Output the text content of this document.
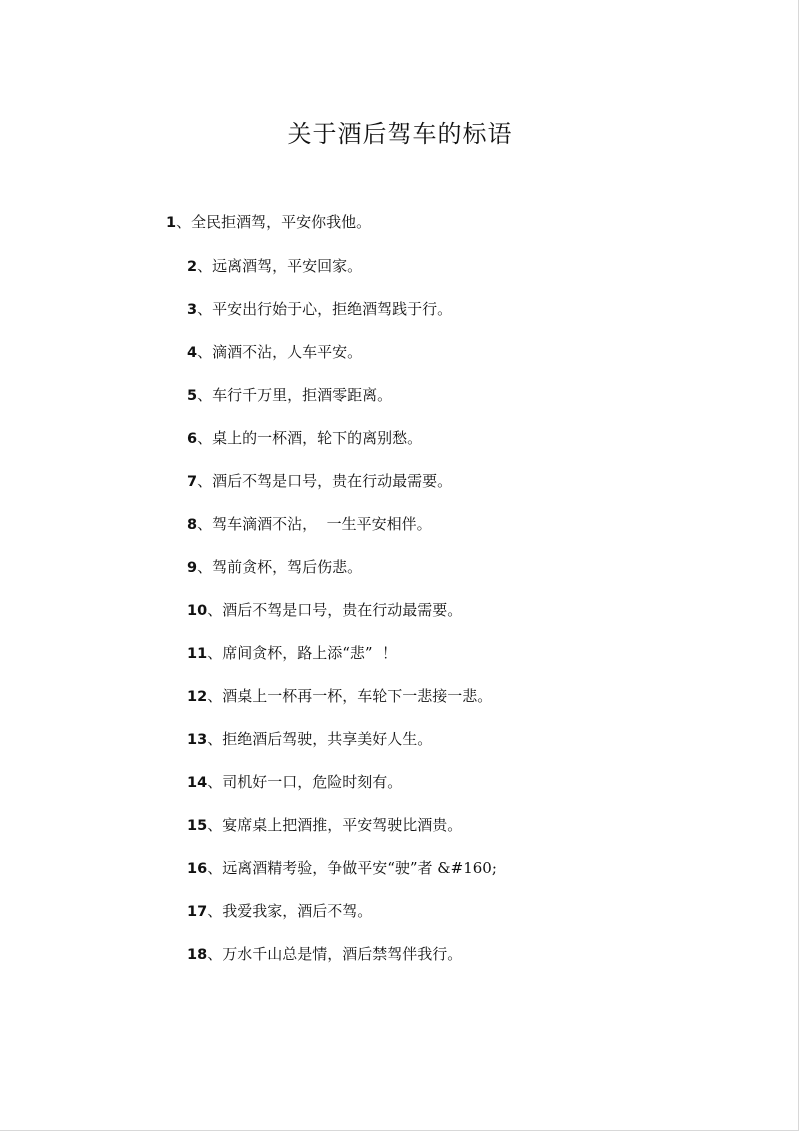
关于酒后驾车的标语

1、全民拒酒驾，平安你我他。

2、远离酒驾，平安回家。

3、平安出行始于心，拒绝酒驾践于行。

4、滴酒不沾，人车平安。

5、车行千万里，拒酒零距离。

6、桌上的一杯酒，轮下的离别愁。

7、酒后不驾是口号，贵在行动最需要。

8、驾车滴酒不沾，  一生平安相伴。

9、驾前贪杯，驾后伤悲。

10、酒后不驾是口号，贵在行动最需要。

11、席间贪杯，路上添“悲”  ！

12、酒桌上一杯再一杯，车轮下一悲接一悲。

13、拒绝酒后驾驶，共享美好人生。

14、司机好一口，危险时刻有。

15、宴席桌上把酒推，平安驾驶比酒贵。

16、远离酒精考验，争做平安“驶”者 &#160;

17、我爱我家，酒后不驾。

18、万水千山总是情，酒后禁驾伴我行。
